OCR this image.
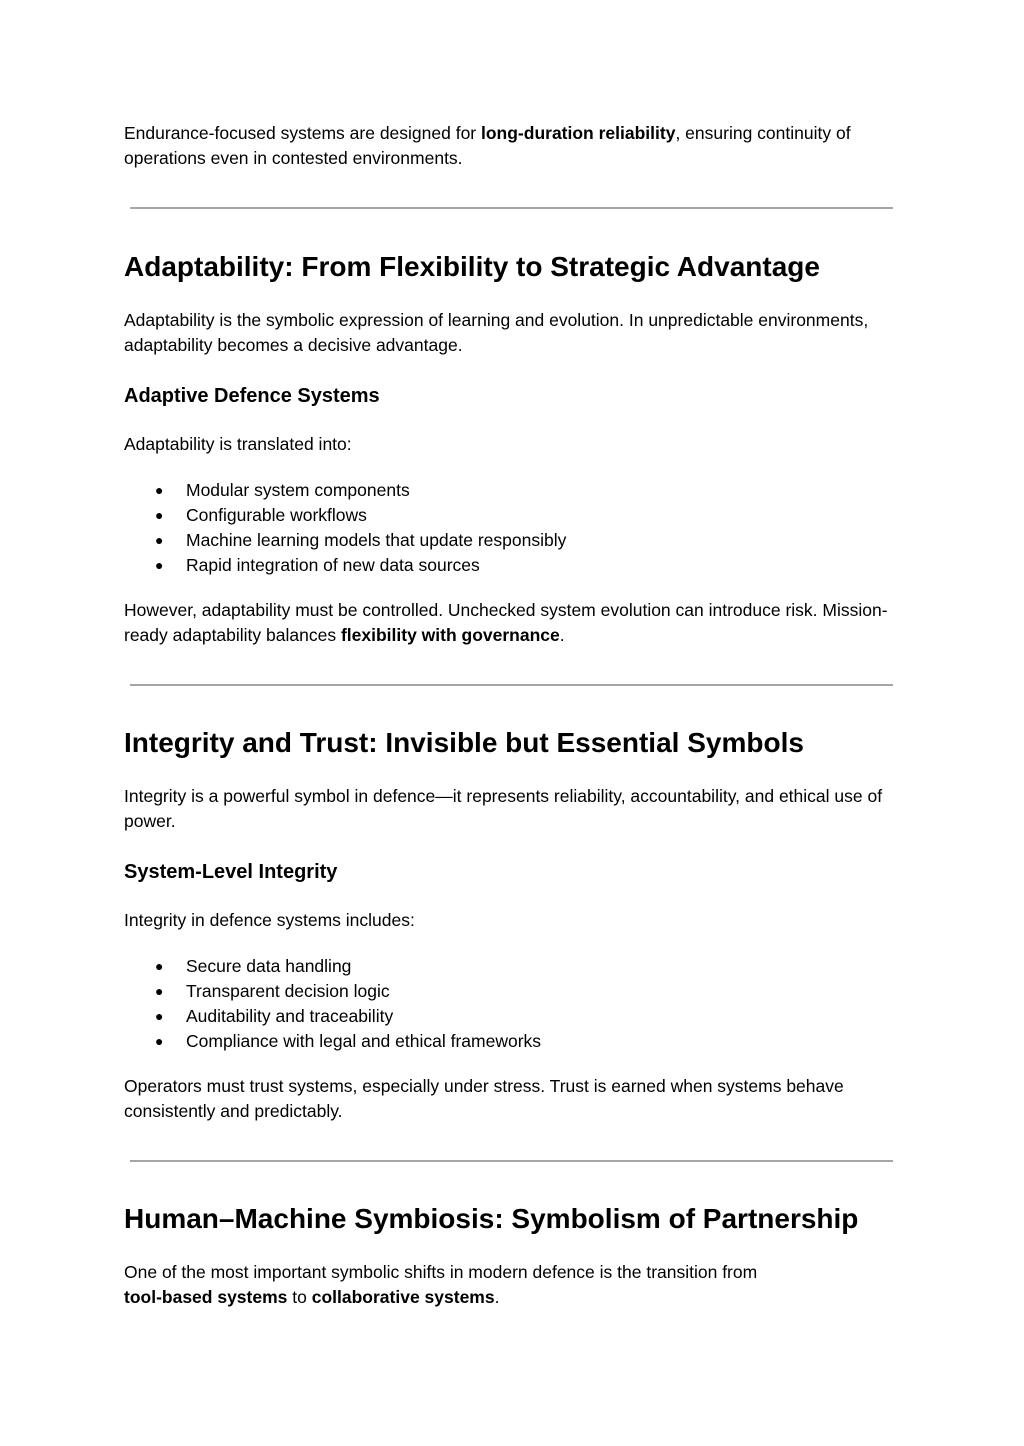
Endurance-focused systems are designed for long-duration reliability, ensuring continuity of operations even in contested environments.

Adaptability: From Flexibility to Strategic Advantage

Adaptability is the symbolic expression of learning and evolution. In unpredictable environments, adaptability becomes a decisive advantage.

Adaptive Defence Systems

Adaptability is translated into:

● Modular system components
● Configurable workflows
● Machine learning models that update responsibly
● Rapid integration of new data sources

However, adaptability must be controlled. Unchecked system evolution can introduce risk. Mission-ready adaptability balances flexibility with governance.

Integrity and Trust: Invisible but Essential Symbols

Integrity is a powerful symbol in defence—it represents reliability, accountability, and ethical use of power.

System-Level Integrity

Integrity in defence systems includes:

● Secure data handling
● Transparent decision logic
● Auditability and traceability
● Compliance with legal and ethical frameworks

Operators must trust systems, especially under stress. Trust is earned when systems behave consistently and predictably.

Human–Machine Symbiosis: Symbolism of Partnership

One of the most important symbolic shifts in modern defence is the transition from
tool-based systems to collaborative systems.
